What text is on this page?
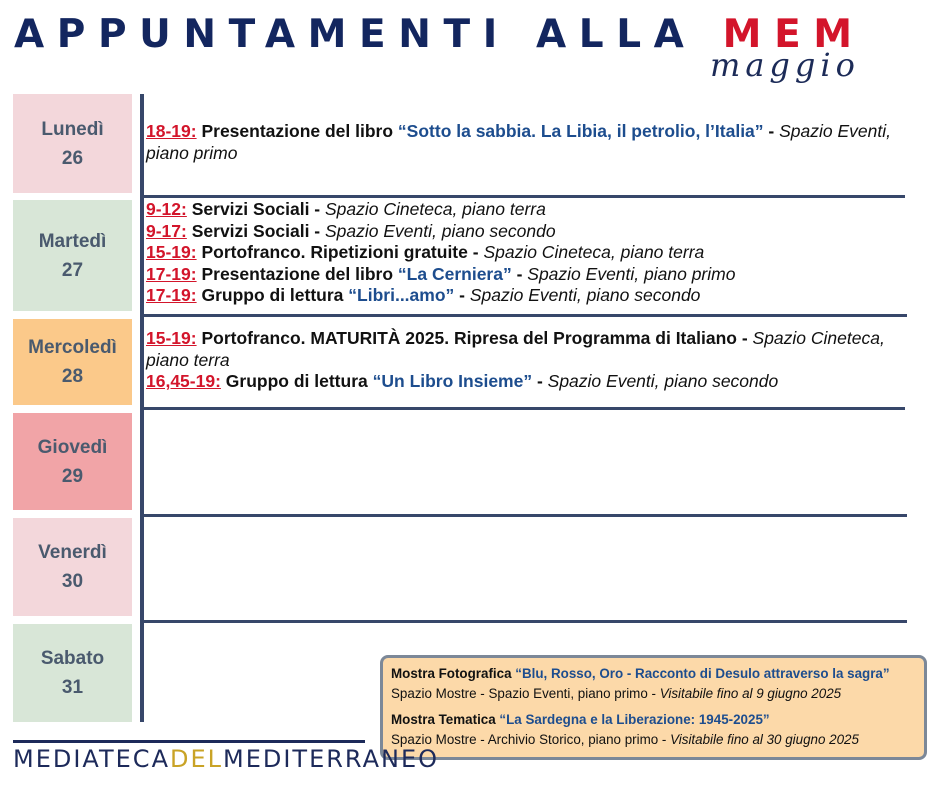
APPUNTAMENTI ALLA MEM
maggio
Lunedì
26
Martedì
27
Mercoledì
28
Giovedì
29
Venerdì
30
Sabato
31
18-19: Presentazione del libro “Sotto la sabbia. La Libia, il petrolio, l’Italia” - Spazio Eventi, piano primo
9-12: Servizi Sociali - Spazio Cineteca, piano terra
9-17: Servizi Sociali - Spazio Eventi, piano secondo
15-19: Portofranco. Ripetizioni gratuite - Spazio Cineteca, piano terra
17-19: Presentazione del libro “La Cerniera” - Spazio Eventi, piano primo
17-19: Gruppo di lettura “Libri...amo” - Spazio Eventi, piano secondo
15-19: Portofranco. MATURITÀ 2025. Ripresa del Programma di Italiano - Spazio Cineteca, piano terra
16,45-19: Gruppo di lettura “Un Libro Insieme” - Spazio Eventi, piano secondo
Mostra Fotografica “Blu, Rosso, Oro - Racconto di Desulo attraverso la sagra”
Spazio Mostre - Spazio Eventi, piano primo - Visitabile fino al 9 giugno 2025
Mostra Tematica “La Sardegna e la Liberazione: 1945-2025”
Spazio Mostre - Archivio Storico, piano primo - Visitabile fino al 30 giugno 2025
MEDIATECADELMEDITERRANEO
